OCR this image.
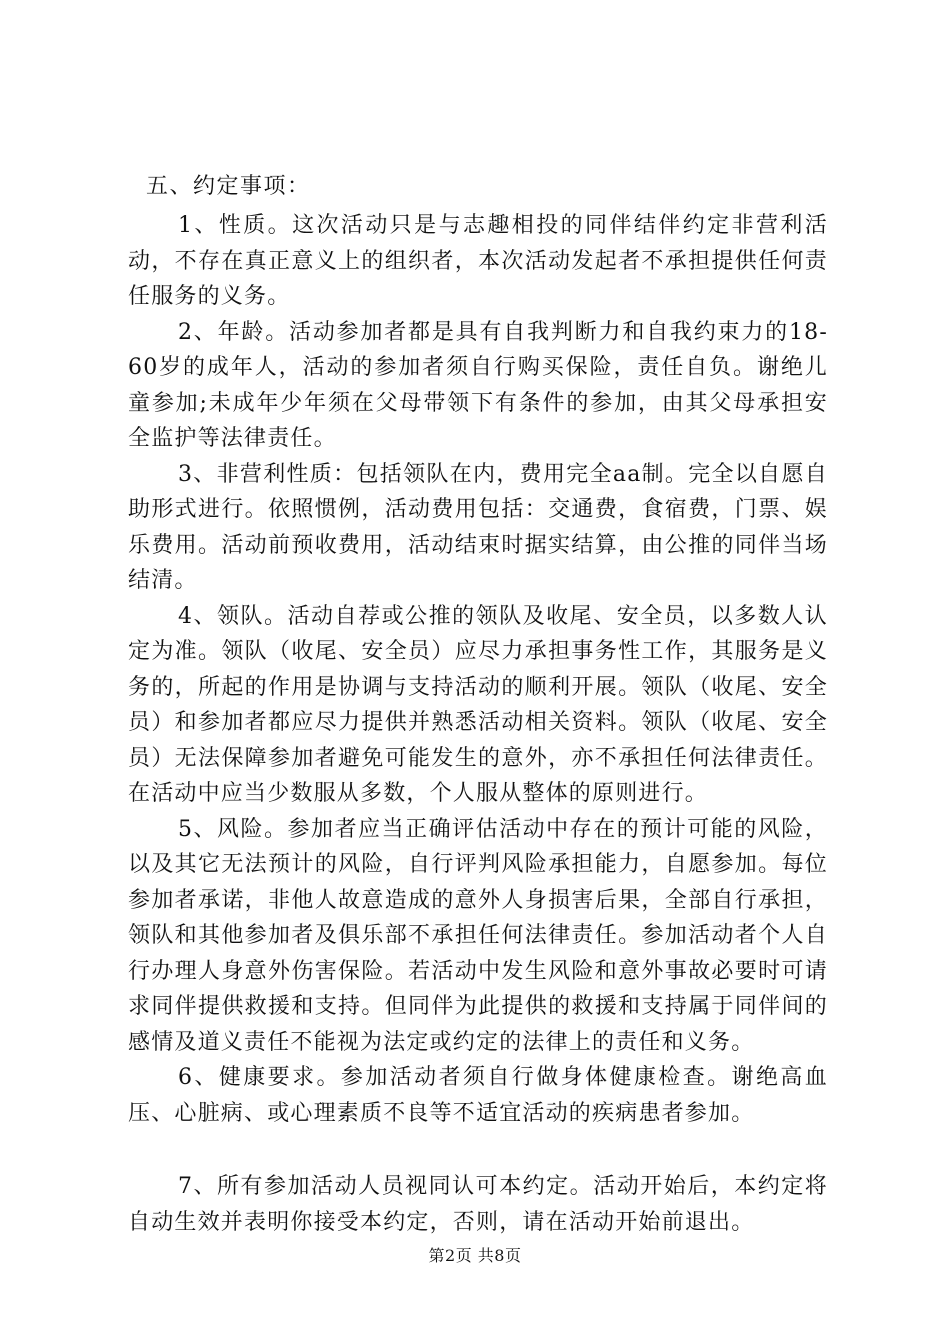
五、约定事项：

1、性质。这次活动只是与志趣相投的同伴结伴约定非营利活动，不存在真正意义上的组织者，本次活动发起者不承担提供任何责任服务的义务。

2、年龄。活动参加者都是具有自我判断力和自我约束力的18-60岁的成年人，活动的参加者须自行购买保险，责任自负。谢绝儿童参加;未成年少年须在父母带领下有条件的参加，由其父母承担安全监护等法律责任。

3、非营利性质：包括领队在内，费用完全aa制。完全以自愿自助形式进行。依照惯例，活动费用包括：交通费，食宿费，门票、娱乐费用。活动前预收费用，活动结束时据实结算，由公推的同伴当场结清。

4、领队。活动自荐或公推的领队及收尾、安全员，以多数人认定为准。领队（收尾、安全员）应尽力承担事务性工作，其服务是义务的，所起的作用是协调与支持活动的顺利开展。领队（收尾、安全员）和参加者都应尽力提供并熟悉活动相关资料。领队（收尾、安全员）无法保障参加者避免可能发生的意外，亦不承担任何法律责任。在活动中应当少数服从多数，个人服从整体的原则进行。

5、风险。参加者应当正确评估活动中存在的预计可能的风险，以及其它无法预计的风险，自行评判风险承担能力，自愿参加。每位参加者承诺，非他人故意造成的意外人身损害后果，全部自行承担，领队和其他参加者及俱乐部不承担任何法律责任。参加活动者个人自行办理人身意外伤害保险。若活动中发生风险和意外事故必要时可请求同伴提供救援和支持。但同伴为此提供的救援和支持属于同伴间的感情及道义责任不能视为法定或约定的法律上的责任和义务。

6、健康要求。参加活动者须自行做身体健康检查。谢绝高血压、心脏病、或心理素质不良等不适宜活动的疾病患者参加。

7、所有参加活动人员视同认可本约定。活动开始后，本约定将自动生效并表明你接受本约定，否则，请在活动开始前退出。

第2页 共8页
